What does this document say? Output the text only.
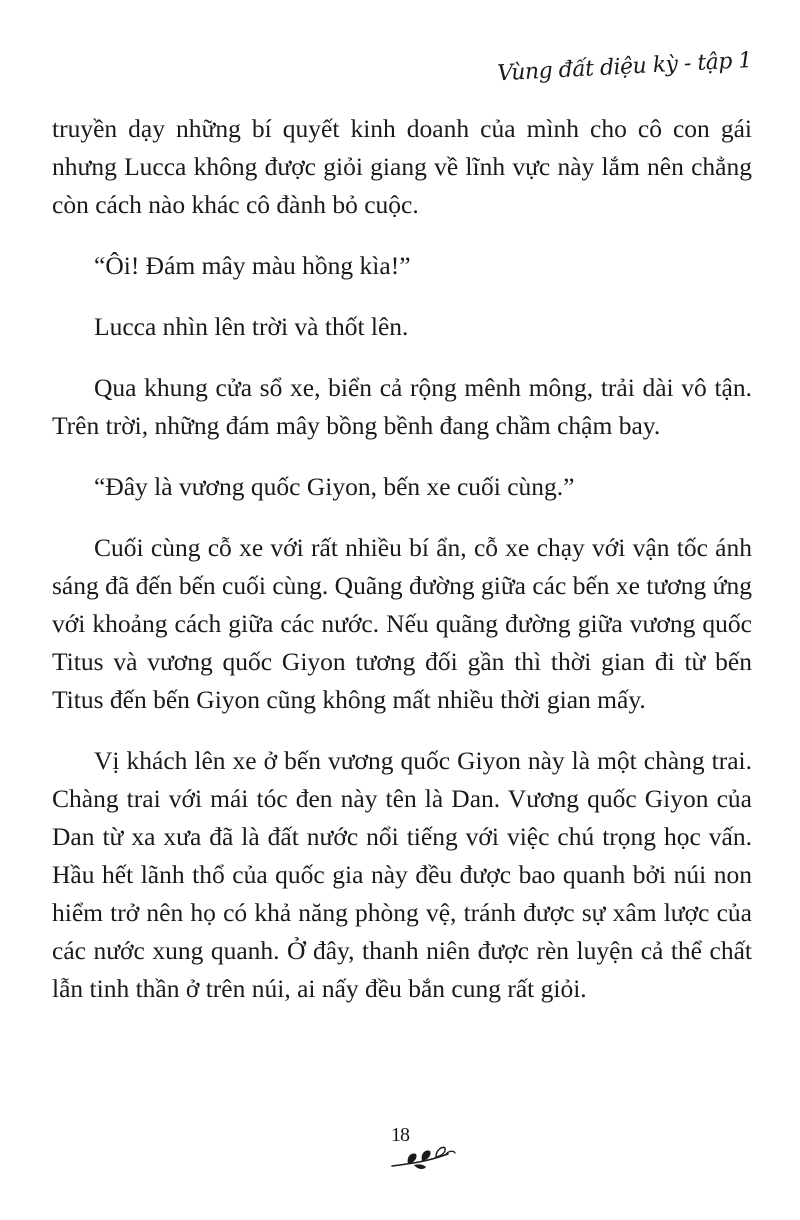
Vùng đất diệu kỳ - tập 1

truyền dạy những bí quyết kinh doanh của mình cho cô con gái nhưng Lucca không được giỏi giang về lĩnh vực này lắm nên chẳng còn cách nào khác cô đành bỏ cuộc.

“Ôi! Đám mây màu hồng kìa!”

Lucca nhìn lên trời và thốt lên.

Qua khung cửa sổ xe, biển cả rộng mênh mông, trải dài vô tận. Trên trời, những đám mây bồng bềnh đang chầm chậm bay.

“Đây là vương quốc Giyon, bến xe cuối cùng.”

Cuối cùng cỗ xe với rất nhiều bí ẩn, cỗ xe chạy với vận tốc ánh sáng đã đến bến cuối cùng. Quãng đường giữa các bến xe tương ứng với khoảng cách giữa các nước. Nếu quãng đường giữa vương quốc Titus và vương quốc Giyon tương đối gần thì thời gian đi từ bến Titus đến bến Giyon cũng không mất nhiều thời gian mấy.

Vị khách lên xe ở bến vương quốc Giyon này là một chàng trai. Chàng trai với mái tóc đen này tên là Dan. Vương quốc Giyon của Dan từ xa xưa đã là đất nước nổi tiếng với việc chú trọng học vấn. Hầu hết lãnh thổ của quốc gia này đều được bao quanh bởi núi non hiểm trở nên họ có khả năng phòng vệ, tránh được sự xâm lược của các nước xung quanh. Ở đây, thanh niên được rèn luyện cả thể chất lẫn tinh thần ở trên núi, ai nấy đều bắn cung rất giỏi.

18
